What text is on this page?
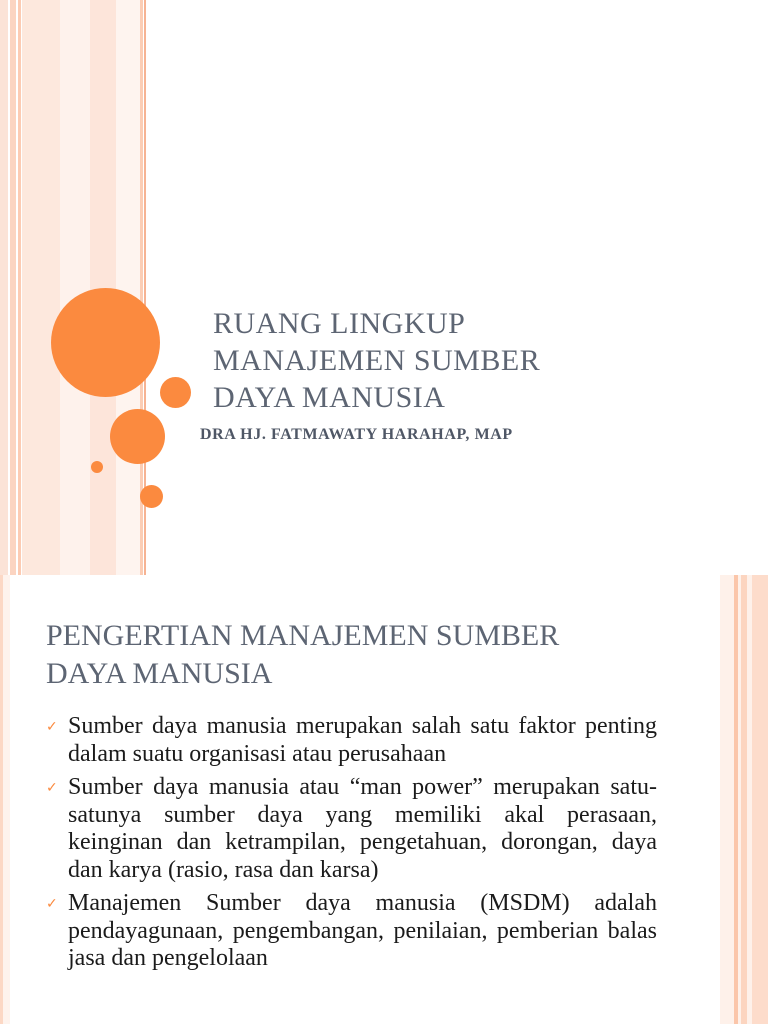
RUANG LINGKUP
MANAJEMEN SUMBER
DAYA MANUSIA
DRA HJ. FATMAWATY HARAHAP, MAP
PENGERTIAN MANAJEMEN SUMBER
DAYA MANUSIA
✓ Sumber daya manusia merupakan salah satu faktor penting dalam suatu organisasi atau perusahaan
✓ Sumber daya manusia atau “man power” merupakan satu-satunya sumber daya yang memiliki akal perasaan, keinginan dan ketrampilan, pengetahuan, dorongan, daya dan karya (rasio, rasa dan karsa)
✓ Manajemen Sumber daya manusia (MSDM) adalah pendayagunaan, pengembangan, penilaian, pemberian balas jasa dan pengelolaan
